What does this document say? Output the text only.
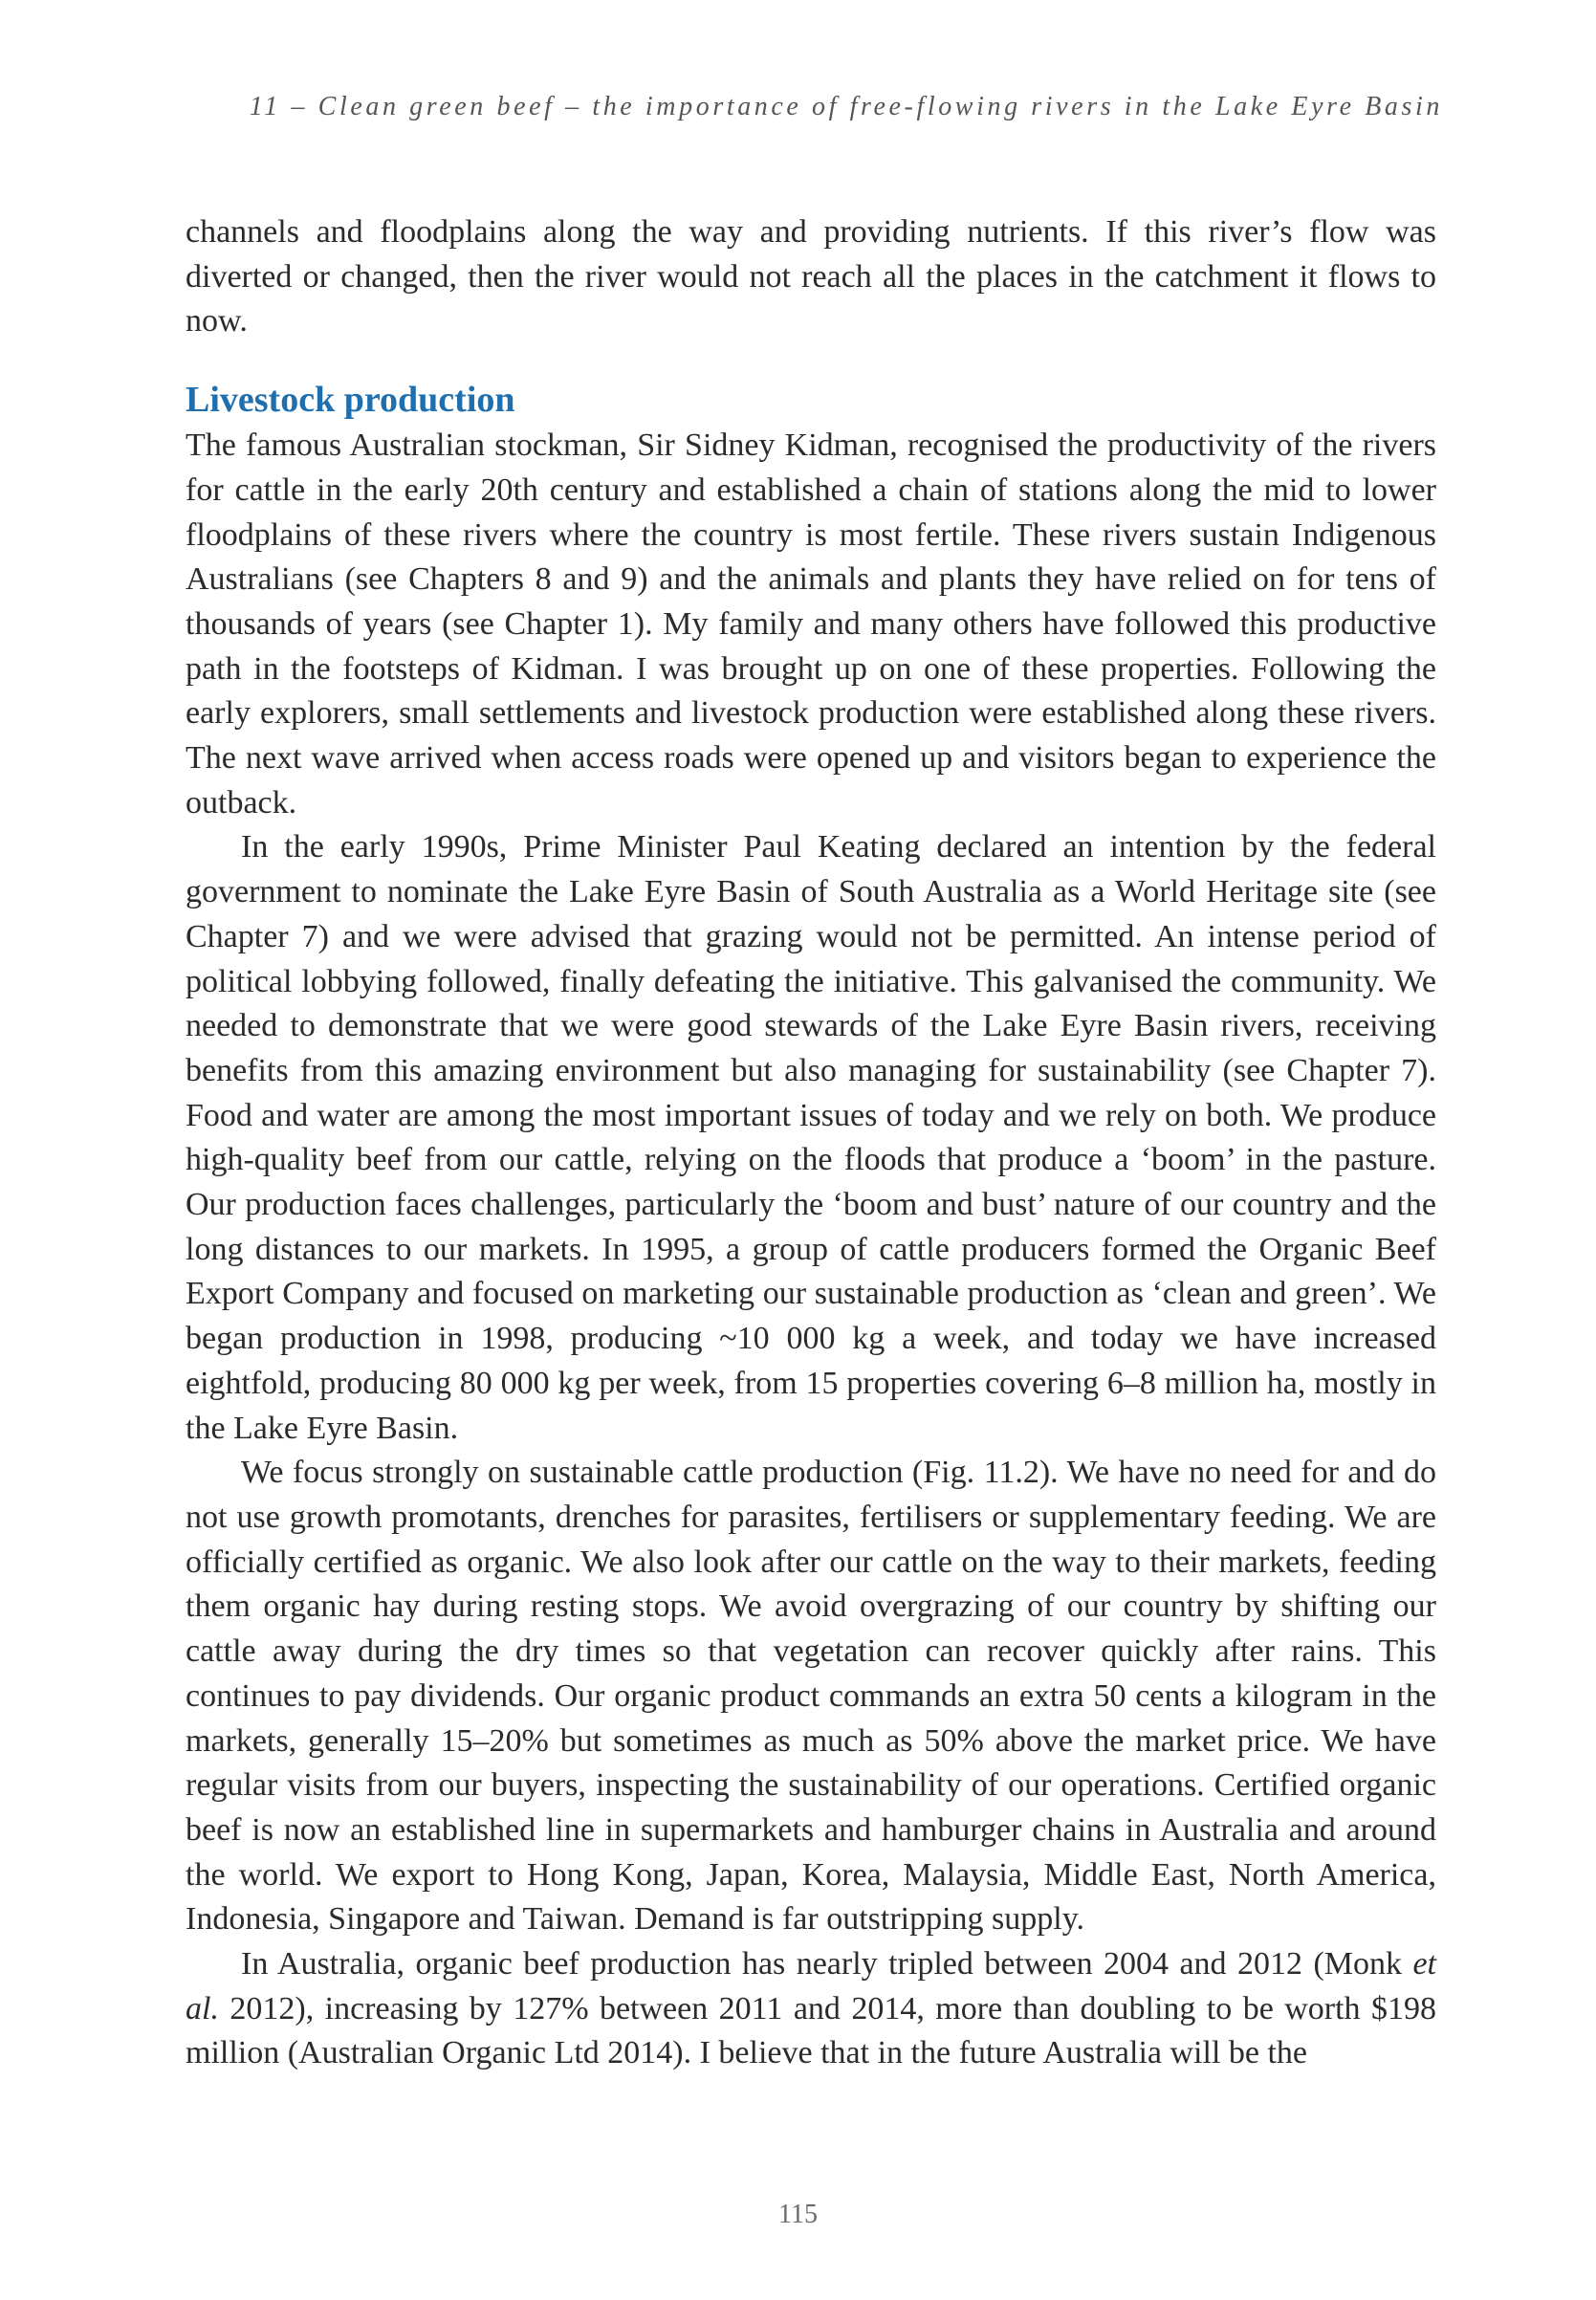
11 – Clean green beef – the importance of free-flowing rivers in the Lake Eyre Basin

channels and floodplains along the way and providing nutrients. If this river’s flow was diverted or changed, then the river would not reach all the places in the catchment it flows to now.

Livestock production

The famous Australian stockman, Sir Sidney Kidman, recognised the productivity of the rivers for cattle in the early 20th century and established a chain of stations along the mid to lower floodplains of these rivers where the country is most fertile. These rivers sustain Indigenous Australians (see Chapters 8 and 9) and the animals and plants they have relied on for tens of thousands of years (see Chapter 1). My family and many others have followed this productive path in the footsteps of Kidman. I was brought up on one of these properties. Following the early explorers, small settlements and livestock production were established along these rivers. The next wave arrived when access roads were opened up and visitors began to experience the outback.

In the early 1990s, Prime Minister Paul Keating declared an intention by the federal government to nominate the Lake Eyre Basin of South Australia as a World Heritage site (see Chapter 7) and we were advised that grazing would not be permitted. An intense period of political lobbying followed, finally defeating the initiative. This galvanised the community. We needed to demonstrate that we were good stewards of the Lake Eyre Basin rivers, receiving benefits from this amazing environment but also managing for sustainability (see Chapter 7). Food and water are among the most important issues of today and we rely on both. We produce high-quality beef from our cattle, relying on the floods that produce a ‘boom’ in the pasture. Our production faces challenges, particularly the ‘boom and bust’ nature of our country and the long distances to our markets. In 1995, a group of cattle producers formed the Organic Beef Export Company and focused on marketing our sustainable production as ‘clean and green’. We began production in 1998, producing ~10 000 kg a week, and today we have increased eightfold, producing 80 000 kg per week, from 15 properties covering 6–8 million ha, mostly in the Lake Eyre Basin.

We focus strongly on sustainable cattle production (Fig. 11.2). We have no need for and do not use growth promotants, drenches for parasites, fertilisers or supplementary feeding. We are officially certified as organic. We also look after our cattle on the way to their markets, feeding them organic hay during resting stops. We avoid overgrazing of our country by shifting our cattle away during the dry times so that vegetation can recover quickly after rains. This continues to pay dividends. Our organic product commands an extra 50 cents a kilogram in the markets, generally 15–20% but sometimes as much as 50% above the market price. We have regular visits from our buyers, inspecting the sustainability of our operations. Certified organic beef is now an established line in supermarkets and hamburger chains in Australia and around the world. We export to Hong Kong, Japan, Korea, Malaysia, Middle East, North America, Indonesia, Singapore and Taiwan. Demand is far outstripping supply.

In Australia, organic beef production has nearly tripled between 2004 and 2012 (Monk et al. 2012), increasing by 127% between 2011 and 2014, more than doubling to be worth $198 million (Australian Organic Ltd 2014). I believe that in the future Australia will be the

115
